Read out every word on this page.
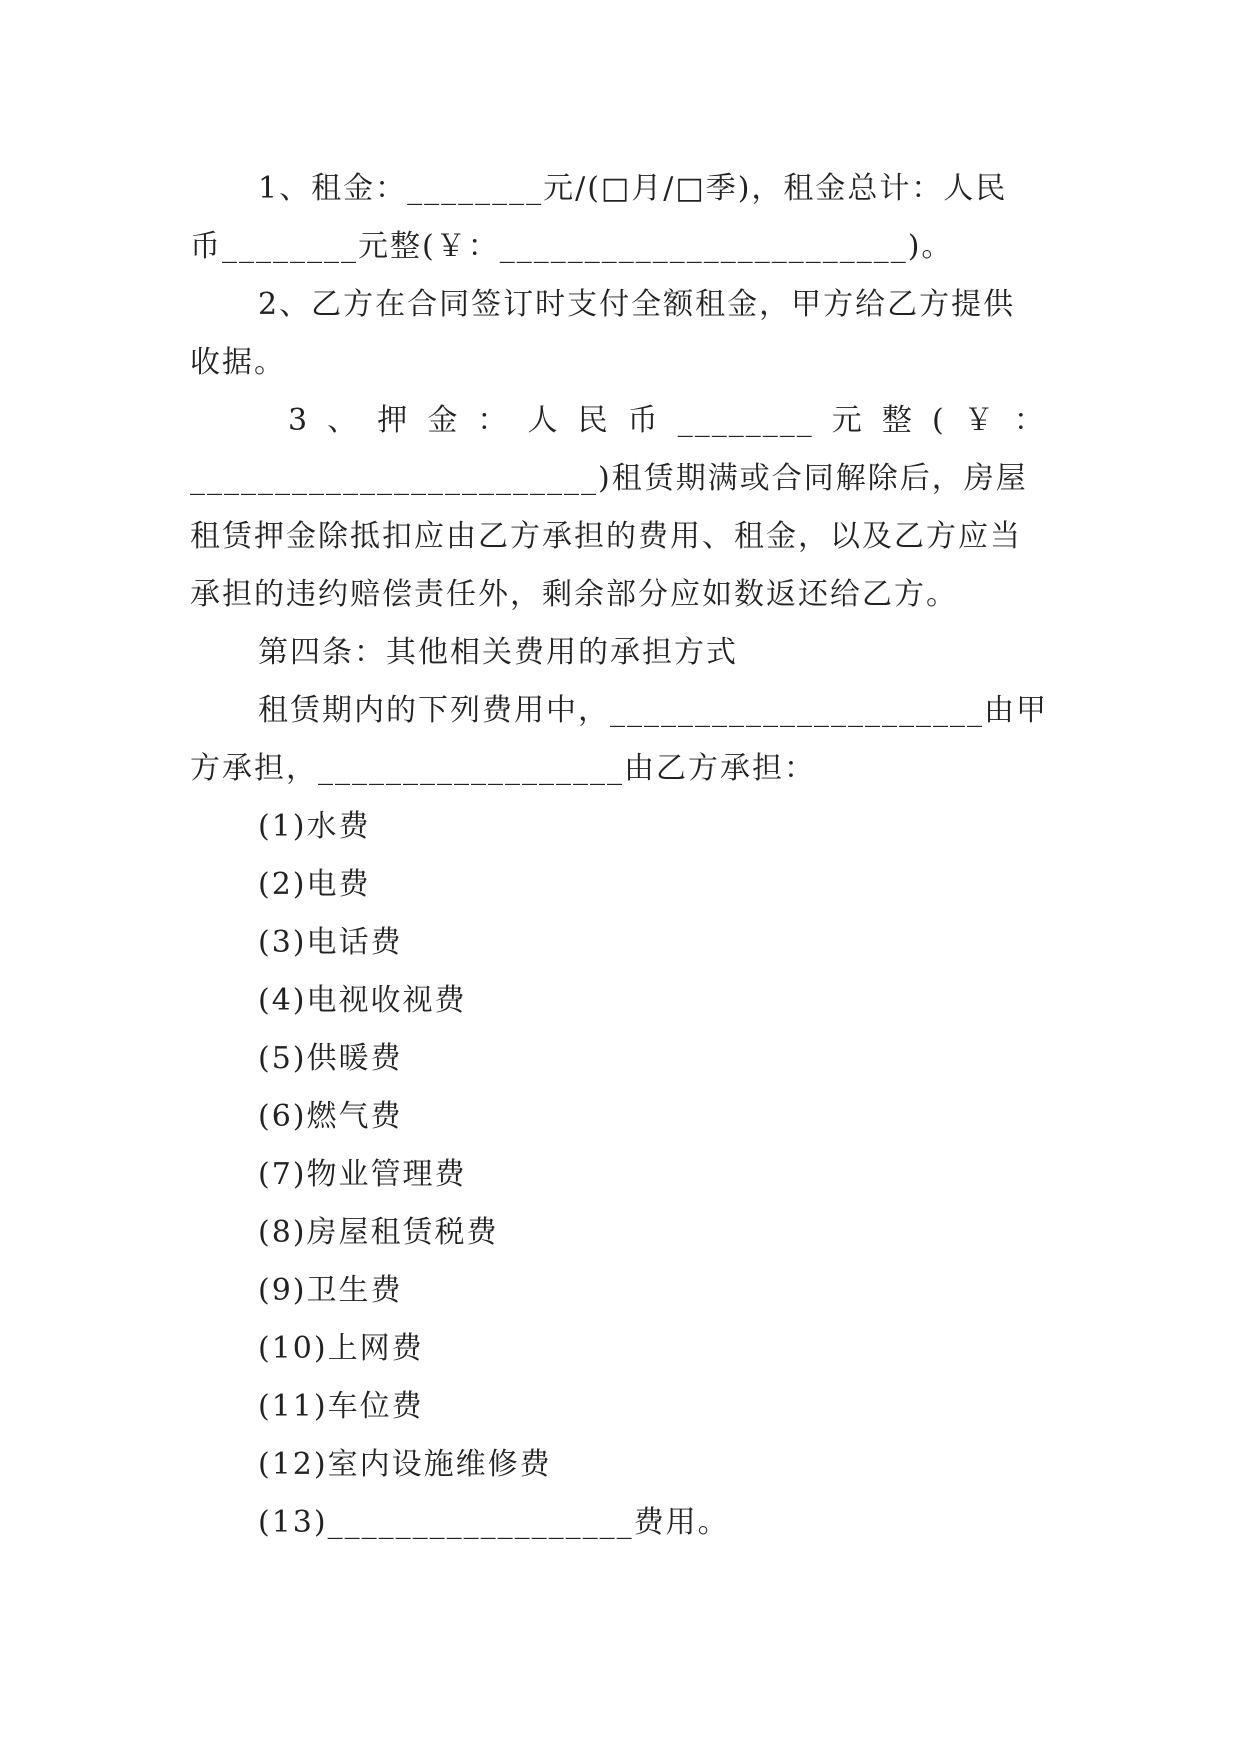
1、租金：________元/(□月/□季)，租金总计：人民
币________元整(￥：________________________)。
2、乙方在合同签订时支付全额租金，甲方给乙方提供
收据。
3 、 押 金 ： 人 民 币 ________ 元 整 ( ￥ ：
________________________)租赁期满或合同解除后，房屋
租赁押金除抵扣应由乙方承担的费用、租金，以及乙方应当
承担的违约赔偿责任外，剩余部分应如数返还给乙方。
第四条：其他相关费用的承担方式
租赁期内的下列费用中，______________________由甲
方承担，__________________由乙方承担：
(1)水费
(2)电费
(3)电话费
(4)电视收视费
(5)供暖费
(6)燃气费
(7)物业管理费
(8)房屋租赁税费
(9)卫生费
(10)上网费
(11)车位费
(12)室内设施维修费
(13)__________________费用。
